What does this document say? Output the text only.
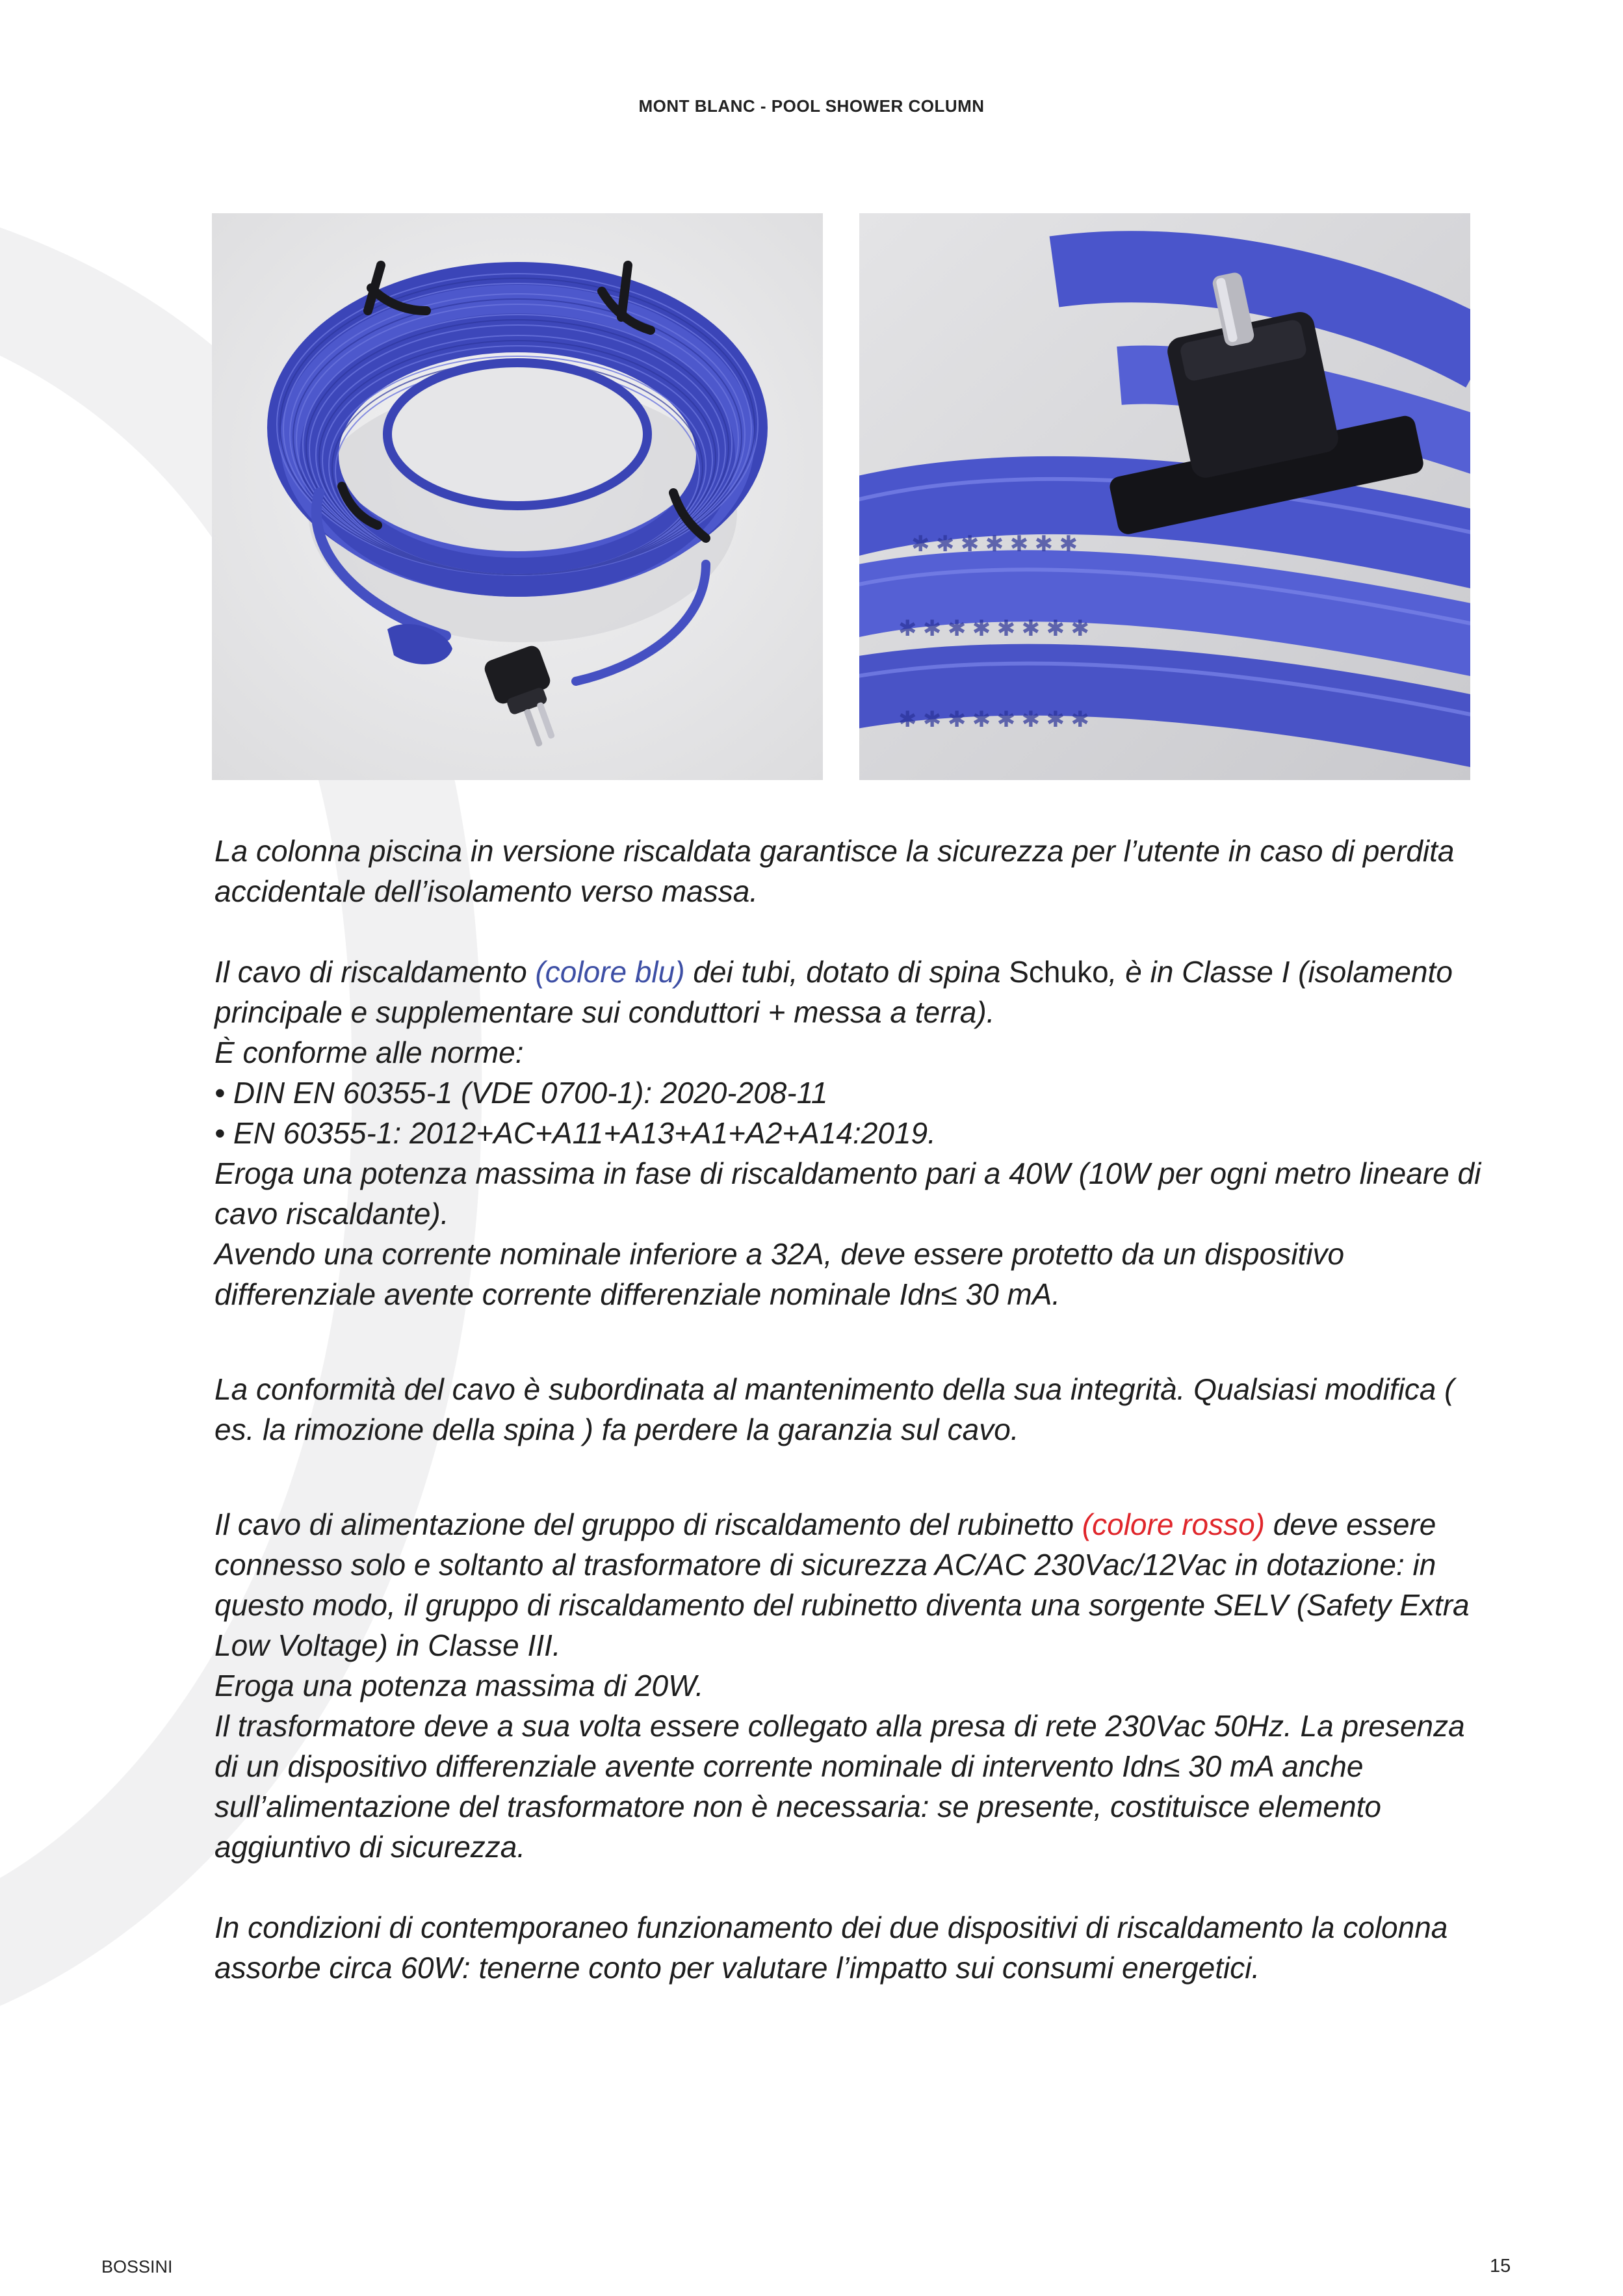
MONT BLANC - POOL SHOWER COLUMN
✱ ✱ ✱ ✱ ✱ ✱ ✱
✱ ✱ ✱ ✱ ✱ ✱ ✱ ✱
✱ ✱ ✱ ✱ ✱ ✱ ✱ ✱

La colonna piscina in versione riscaldata garantisce la sicurezza per l’utente in caso di perdita accidentale dell’isolamento verso massa.

Il cavo di riscaldamento (colore blu) dei tubi, dotato di spina Schuko, è in Classe I (isolamento principale e supplementare sui conduttori + messa a terra).

È conforme alle norme:

• DIN EN 60355-1 (VDE 0700-1): 2020-208-11

• EN 60355-1: 2012+AC+A11+A13+A1+A2+A14:2019.

Eroga una potenza massima in fase di riscaldamento pari a 40W (10W per ogni metro lineare di cavo riscaldante).

Avendo una corrente nominale inferiore a 32A, deve essere protetto da un dispositivo differenziale avente corrente differenziale nominale Idn≤ 30 mA.

La conformità del cavo è subordinata al mantenimento della sua integrità. Qualsiasi modifica ( es. la rimozione della spina ) fa perdere la garanzia sul cavo.

Il cavo di alimentazione del gruppo di riscaldamento del rubinetto (colore rosso) deve essere connesso solo e soltanto al trasformatore di sicurezza AC/AC 230Vac/12Vac in dotazione: in questo modo, il gruppo di riscaldamento del rubinetto diventa una sorgente SELV (Safety Extra Low Voltage) in Classe III.

Eroga una potenza massima di 20W.

Il trasformatore deve a sua volta essere collegato alla presa di rete 230Vac 50Hz. La presenza di un dispositivo differenziale avente corrente nominale di intervento Idn≤ 30 mA anche sull’alimentazione del trasformatore non è necessaria: se presente, costituisce elemento aggiuntivo di sicurezza.

In condizioni di contemporaneo funzionamento dei due dispositivi di riscaldamento la colonna assorbe circa 60W: tenerne conto per valutare l’impatto sui consumi energetici.

BOSSINI	15
